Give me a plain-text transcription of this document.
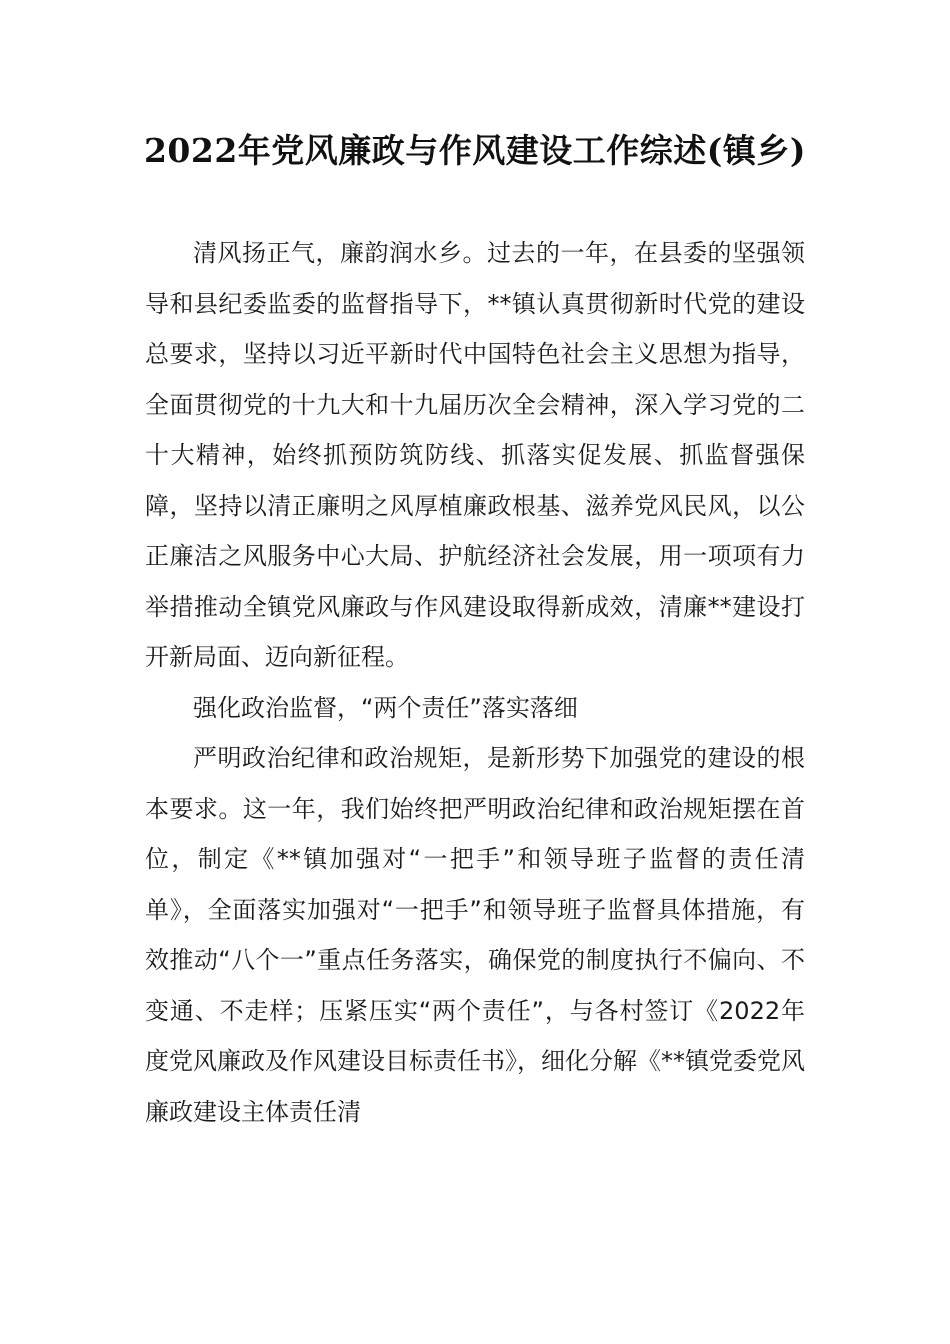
2022年党风廉政与作风建设工作综述(镇乡)

清风扬正气，廉韵润水乡。过去的一年，在县委的坚强领导和县纪委监委的监督指导下，**镇认真贯彻新时代党的建设总要求，坚持以习近平新时代中国特色社会主义思想为指导，全面贯彻党的十九大和十九届历次全会精神，深入学习党的二十大精神，始终抓预防筑防线、抓落实促发展、抓监督强保障，坚持以清正廉明之风厚植廉政根基、滋养党风民风，以公正廉洁之风服务中心大局、护航经济社会发展，用一项项有力举措推动全镇党风廉政与作风建设取得新成效，清廉**建设打开新局面、迈向新征程。

强化政治监督，“两个责任”落实落细

严明政治纪律和政治规矩，是新形势下加强党的建设的根本要求。这一年，我们始终把严明政治纪律和政治规矩摆在首位，制定《**镇加强对“一把手”和领导班子监督的责任清单》，全面落实加强对“一把手”和领导班子监督具体措施，有效推动“八个一”重点任务落实，确保党的制度执行不偏向、不变通、不走样；压紧压实“两个责任”，与各村签订《2022年度党风廉政及作风建设目标责任书》，细化分解《**镇党委党风廉政建设主体责任清
